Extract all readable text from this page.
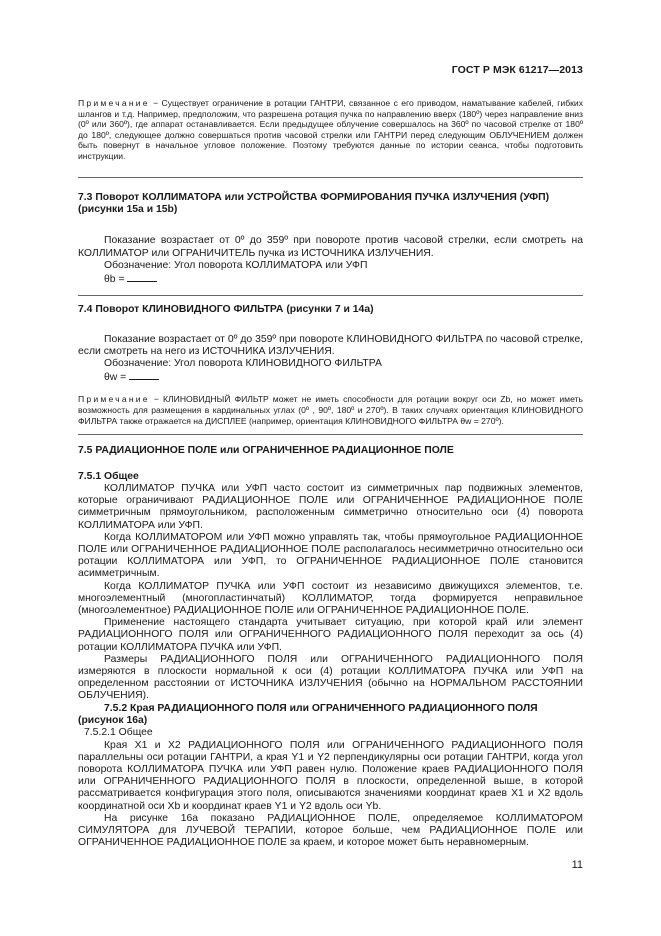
ГОСТ Р МЭК 61217—2013

Примечание − Существует ограничение в ротации ГАНТРИ, связанное с его приводом, наматывание кабелей, гибких шлангов и т.д. Например, предположим, что разрешена ротация пучка по направлению вверх (180º) через направление вниз (0º или 360º), где аппарат останавливается. Если предыдущее облучение совершалось на 360º по часовой стрелке от 180º до 180º, следующее должно совершаться против часовой стрелки или ГАНТРИ перед следующим ОБЛУЧЕНИЕМ должен быть повернут в начальное угловое положение. Поэтому требуются данные по истории сеанса, чтобы подготовить инструкции.

7.3 Поворот КОЛЛИМАТОРА или УСТРОЙСТВА ФОРМИРОВАНИЯ ПУЧКА ИЗЛУЧЕНИЯ (УФП) (рисунки 15а и 15b)

Показание возрастает от 0º до 359º при повороте против часовой стрелки, если смотреть на КОЛЛИМАТОР или ОГРАНИЧИТЕЛЬ пучка из ИСТОЧНИКА ИЗЛУЧЕНИЯ.

Обозначение: Угол поворота КОЛЛИМАТОРА или УФП

θb =

7.4 Поворот КЛИНОВИДНОГО ФИЛЬТРА (рисунки 7 и 14а)

Показание возрастает от 0º до 359º при повороте КЛИНОВИДНОГО ФИЛЬТРА по часовой стрелке, если смотреть на него из ИСТОЧНИКА ИЗЛУЧЕНИЯ.

Обозначение: Угол поворота КЛИНОВИДНОГО ФИЛЬТРА

θw =

Примечание − КЛИНОВИДНЫЙ ФИЛЬТР может не иметь способности для ротации вокруг оси Zb, но может иметь возможность для размещения в кардинальных углах (0º , 90º, 180º и 270º). В таких случаях ориентация КЛИНОВИДНОГО ФИЛЬТРА также отражается на ДИСПЛЕЕ (например, ориентация КЛИНОВИДНОГО ФИЛЬТРА θw = 270º).

7.5 РАДИАЦИОННОЕ ПОЛЕ или ОГРАНИЧЕННОЕ РАДИАЦИОННОЕ ПОЛЕ

7.5.1 Общее

КОЛЛИМАТОР ПУЧКА или УФП часто состоит из симметричных пар подвижных элементов, которые ограничивают РАДИАЦИОННОЕ ПОЛЕ или ОГРАНИЧЕННОЕ РАДИАЦИОННОЕ ПОЛЕ симметричным прямоугольником, расположенным симметрично относительно оси (4) поворота КОЛЛИМАТОРА или УФП.

Когда КОЛЛИМАТОРОМ или УФП можно управлять так, чтобы прямоугольное РАДИАЦИОННОЕ ПОЛЕ или ОГРАНИЧЕННОЕ РАДИАЦИОННОЕ ПОЛЕ располагалось несимметрично относительно оси ротации КОЛЛИМАТОРА или УФП, то ОГРАНИЧЕННОЕ РАДИАЦИОННОЕ ПОЛЕ становится асимметричным.

Когда КОЛЛИМАТОР ПУЧКА или УФП состоит из независимо движущихся элементов, т.е. многоэлементный (многопластинчатый) КОЛЛИМАТОР, тогда формируется неправильное (многоэлементное) РАДИАЦИОННОЕ ПОЛЕ или ОГРАНИЧЕННОЕ РАДИАЦИОННОЕ ПОЛЕ.

Применение настоящего стандарта учитывает ситуацию, при которой край или элемент РАДИАЦИОННОГО ПОЛЯ или ОГРАНИЧЕННОГО РАДИАЦИОННОГО ПОЛЯ переходит за ось (4) ротации КОЛЛИМАТОРА ПУЧКА или УФП.

Размеры РАДИАЦИОННОГО ПОЛЯ или ОГРАНИЧЕННОГО РАДИАЦИОННОГО ПОЛЯ измеряются в плоскости нормальной к оси (4) ротации КОЛЛИМАТОРА ПУЧКА или УФП на определенном расстоянии от ИСТОЧНИКА ИЗЛУЧЕНИЯ (обычно на НОРМАЛЬНОМ РАССТОЯНИИ ОБЛУЧЕНИЯ).

7.5.2 Края РАДИАЦИОННОГО ПОЛЯ или ОГРАНИЧЕННОГО РАДИАЦИОННОГО ПОЛЯ (рисунок 16а)

7.5.2.1 Общее

Края X1 и X2 РАДИАЦИОННОГО ПОЛЯ или ОГРАНИЧЕННОГО РАДИАЦИОННОГО ПОЛЯ параллельны оси ротации ГАНТРИ, а края Y1 и Y2 перпендикулярны оси ротации ГАНТРИ, когда угол поворота КОЛЛИМАТОРА ПУЧКА или УФП равен нулю. Положение краев РАДИАЦИОННОГО ПОЛЯ или ОГРАНИЧЕННОГО РАДИАЦИОННОГО ПОЛЯ в плоскости, определенной выше, в которой рассматривается конфигурация этого поля, описываются значениями координат краев X1 и X2 вдоль координатной оси Xb и координат краев Y1 и Y2 вдоль оси Yb.

На рисунке 16а показано РАДИАЦИОННОЕ ПОЛЕ, определяемое КОЛЛИМАТОРОМ СИМУЛЯТОРА для ЛУЧЕВОЙ ТЕРАПИИ, которое больше, чем РАДИАЦИОННОЕ ПОЛЕ или ОГРАНИЧЕННОЕ РАДИАЦИОННОЕ ПОЛЕ за краем, и которое может быть неравномерным.

11
